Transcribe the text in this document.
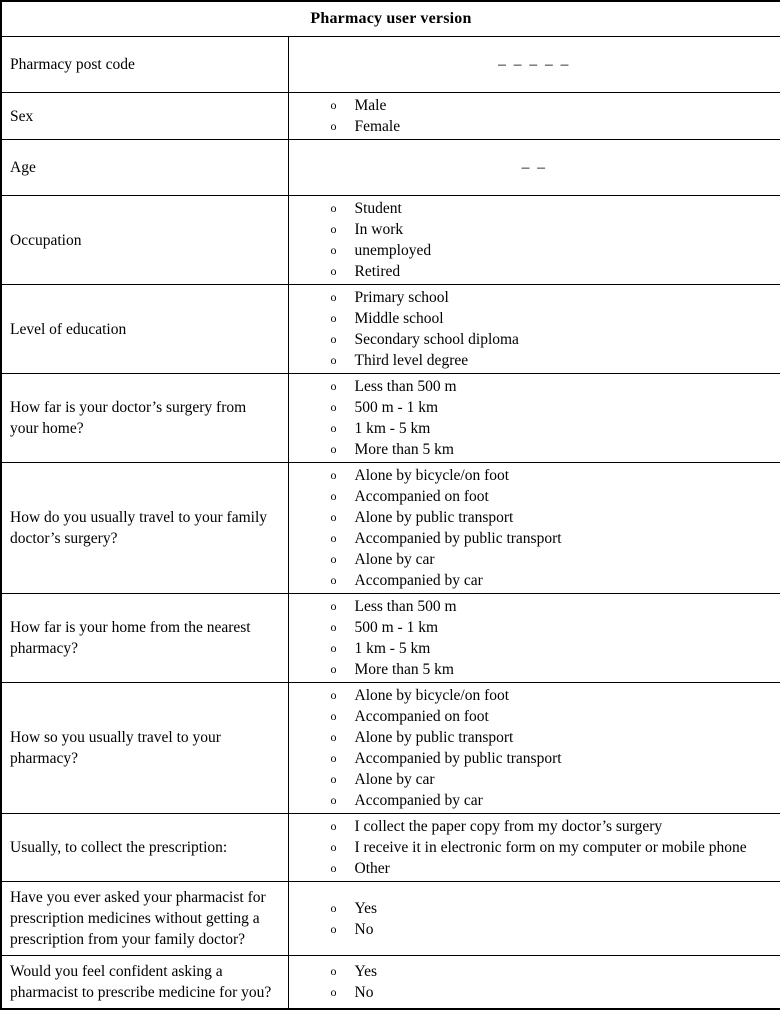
Pharmacy user version	
Pharmacy post code	– – – – –

Sex	o Male
o Female

Age	– –

Occupation	
o	Student
o	In work
o	unemployed
o	Retired

Level of education	
o	Primary school
o	Middle school
o	Secondary school diploma
o	Third level degree

How far is your doctor’s surgery from your home?	
o	Less than 500 m
o	500 m - 1 km
o	1 km - 5 km
o	More than 5 km

How do you usually travel to your family doctor’s surgery?	
o	Alone by bicycle/on foot
o	Accompanied on foot
o	Alone by public transport
o	Accompanied by public transport
o	Alone by car
o	Accompanied by car

How far is your home from the nearest pharmacy?	
o	Less than 500 m
o	500 m - 1 km
o	1 km - 5 km
o	More than 5 km

How so you usually travel to your pharmacy?	
o	Alone by bicycle/on foot
o	Accompanied on foot
o	Alone by public transport
o	Accompanied by public transport
o	Alone by car
o	Accompanied by car

Usually, to collect the prescription:	
o	I collect the paper copy from my doctor’s surgery
o	I receive it in electronic form on my computer or mobile phone
o	Other

Have you ever asked your pharmacist for prescription medicines without getting a prescription from your family doctor?	o Yes
o No

Would you feel confident asking a pharmacist to prescribe medicine for you?	o Yes
o No
